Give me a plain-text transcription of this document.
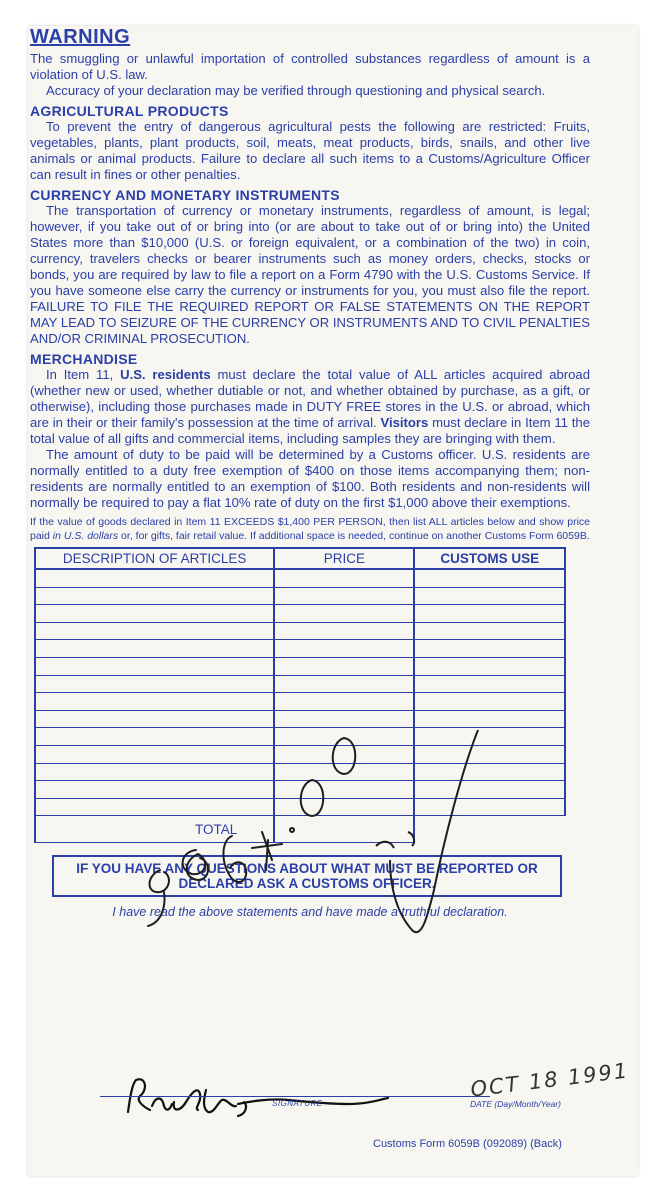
WARNING

The smuggling or unlawful importation of controlled substances regardless of amount is a violation of U.S. law.

Accuracy of your declaration may be verified through questioning and physical search.

AGRICULTURAL PRODUCTS

To prevent the entry of dangerous agricultural pests the following are restricted: Fruits, vegetables, plants, plant products, soil, meats, meat products, birds, snails, and other live animals or animal products. Failure to declare all such items to a Customs/Agriculture Officer can result in fines or other penalties.

CURRENCY AND MONETARY INSTRUMENTS

The transportation of currency or monetary instruments, regardless of amount, is legal; however, if you take out of or bring into (or are about to take out of or bring into) the United States more than $10,000 (U.S. or foreign equivalent, or a combination of the two) in coin, currency, travelers checks or bearer instruments such as money orders, checks, stocks or bonds, you are required by law to file a report on a Form 4790 with the U.S. Customs Service. If you have someone else carry the currency or instruments for you, you must also file the report. FAILURE TO FILE THE REQUIRED REPORT OR FALSE STATEMENTS ON THE REPORT MAY LEAD TO SEIZURE OF THE CURRENCY OR INSTRUMENTS AND TO CIVIL PENALTIES AND/OR CRIMINAL PROSECUTION.

MERCHANDISE

In Item 11, U.S. residents must declare the total value of ALL articles acquired abroad (whether new or used, whether dutiable or not, and whether obtained by purchase, as a gift, or otherwise), including those purchases made in DUTY FREE stores in the U.S. or abroad, which are in their or their family's possession at the time of arrival. Visitors must declare in Item 11 the total value of all gifts and commercial items, including samples they are bringing with them.

The amount of duty to be paid will be determined by a Customs officer. U.S. residents are normally entitled to a duty free exemption of $400 on those items accompanying them; non-residents are normally entitled to an exemption of $100. Both residents and non-residents will normally be required to pay a flat 10% rate of duty on the first $1,000 above their exemptions.

If the value of goods declared in Item 11 EXCEEDS $1,400 PER PERSON, then list ALL articles below and show price paid in U.S. dollars or, for gifts, fair retail value. If additional space is needed, continue on another Customs Form 6059B.

DESCRIPTION OF ARTICLES	PRICE	CUSTOMS USE

TOTAL		
IF YOU HAVE ANY QUESTIONS ABOUT WHAT MUST BE REPORTED OR DECLARED ASK A CUSTOMS OFFICER.
I have read the above statements and have made a truthful declaration.
OCT 18 1991
SIGNATURE	DATE (Day/Month/Year)
Customs Form 6059B (092089) (Back)
